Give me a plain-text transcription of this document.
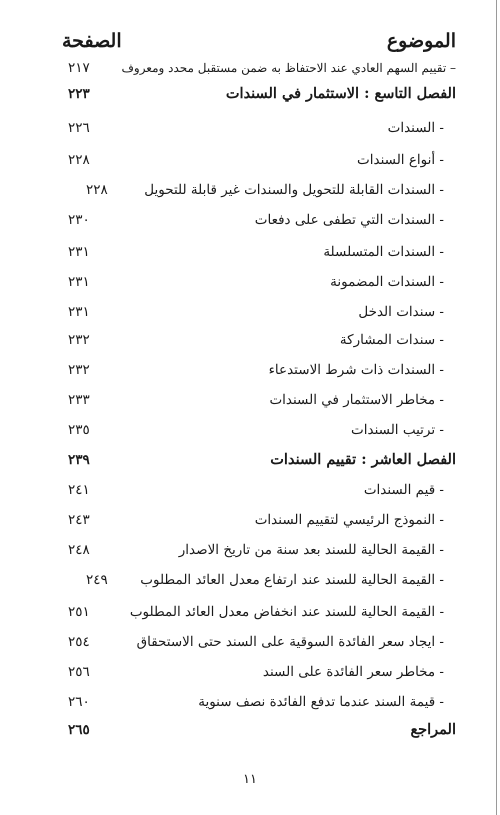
الموضوع
الصفحة
– تقييم السهم العادي عند الاحتفاظ به ضمن مستقبل محدد ومعروف
٢١٧
الفصل التاسع : الاستثمار في السندات
٢٢٣
- السندات
٢٢٦
- أنواع السندات
٢٢٨
- السندات القابلة للتحويل والسندات غير قابلة للتحويل
٢٢٨
- السندات التي تطفى على دفعات
٢٣٠
- السندات المتسلسلة
٢٣١
- السندات المضمونة
٢٣١
- سندات الدخل
٢٣١
- سندات المشاركة
٢٣٢
- السندات ذات شرط الاستدعاء
٢٣٢
- مخاطر الاستثمار في السندات
٢٣٣
- ترتيب السندات
٢٣٥
الفصل العاشر : تقييم السندات
٢٣٩
- قيم السندات
٢٤١
- النموذج الرئيسي لتقييم السندات
٢٤٣
- القيمة الحالية للسند بعد سنة من تاريخ الاصدار
٢٤٨
- القيمة الحالية للسند عند ارتفاع معدل العائد المطلوب
٢٤٩
- القيمة الحالية للسند عند انخفاض معدل العائد المطلوب
٢٥١
- ايجاد سعر الفائدة السوقية على السند حتى الاستحقاق
٢٥٤
- مخاطر سعر الفائدة على السند
٢٥٦
- قيمة السند عندما تدفع الفائدة نصف سنوية
٢٦٠
المراجع
٢٦٥
١١
